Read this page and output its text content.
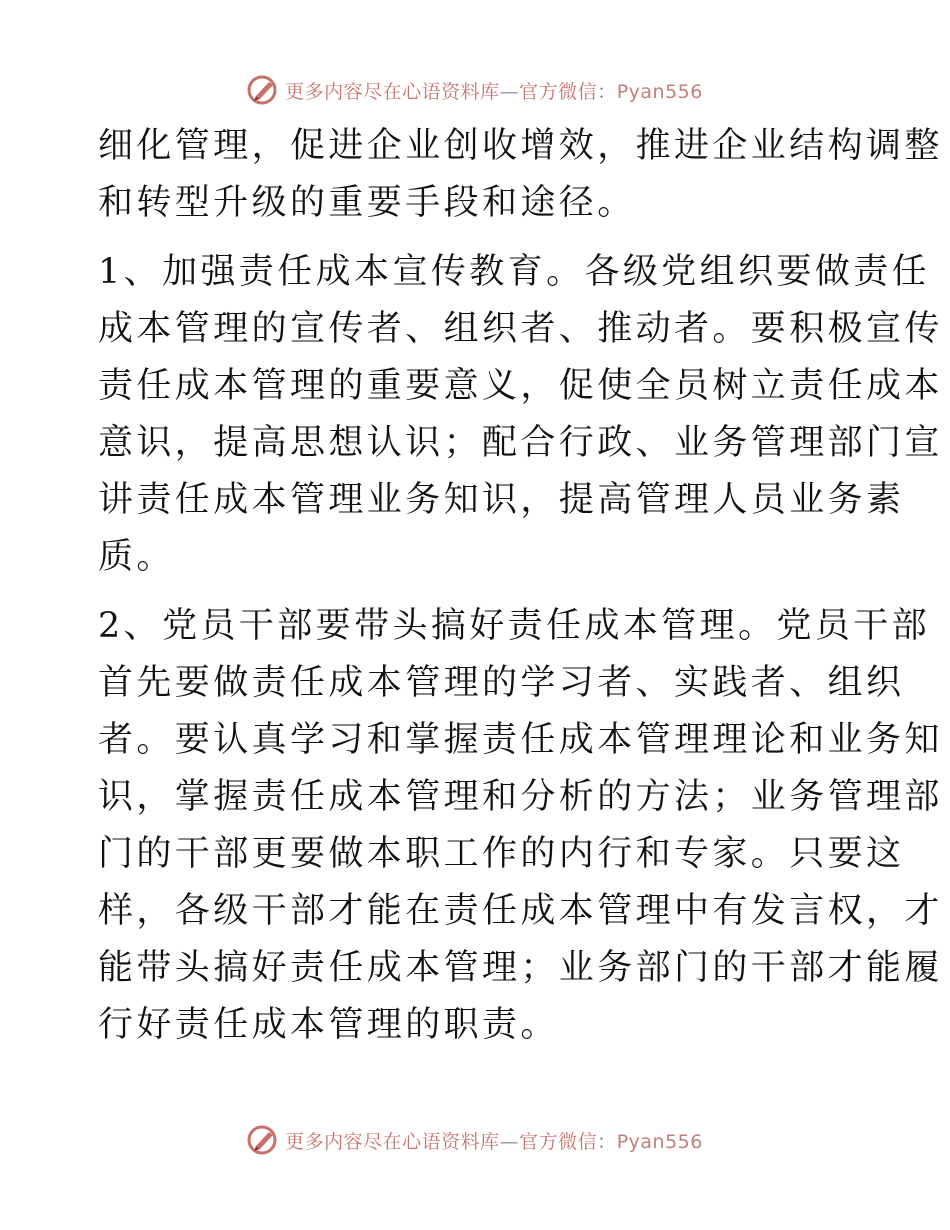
更多内容尽在心语资料库—官方微信：Pyan556
细化管理，促进企业创收增效，推进企业结构调整
和转型升级的重要手段和途径。
1、加强责任成本宣传教育。各级党组织要做责任
成本管理的宣传者、组织者、推动者。要积极宣传
责任成本管理的重要意义，促使全员树立责任成本
意识，提高思想认识；配合行政、业务管理部门宣
讲责任成本管理业务知识，提高管理人员业务素
质。
2、党员干部要带头搞好责任成本管理。党员干部
首先要做责任成本管理的学习者、实践者、组织
者。要认真学习和掌握责任成本管理理论和业务知
识，掌握责任成本管理和分析的方法；业务管理部
门的干部更要做本职工作的内行和专家。只要这
样，各级干部才能在责任成本管理中有发言权，才
能带头搞好责任成本管理；业务部门的干部才能履
行好责任成本管理的职责。
更多内容尽在心语资料库—官方微信：Pyan556
